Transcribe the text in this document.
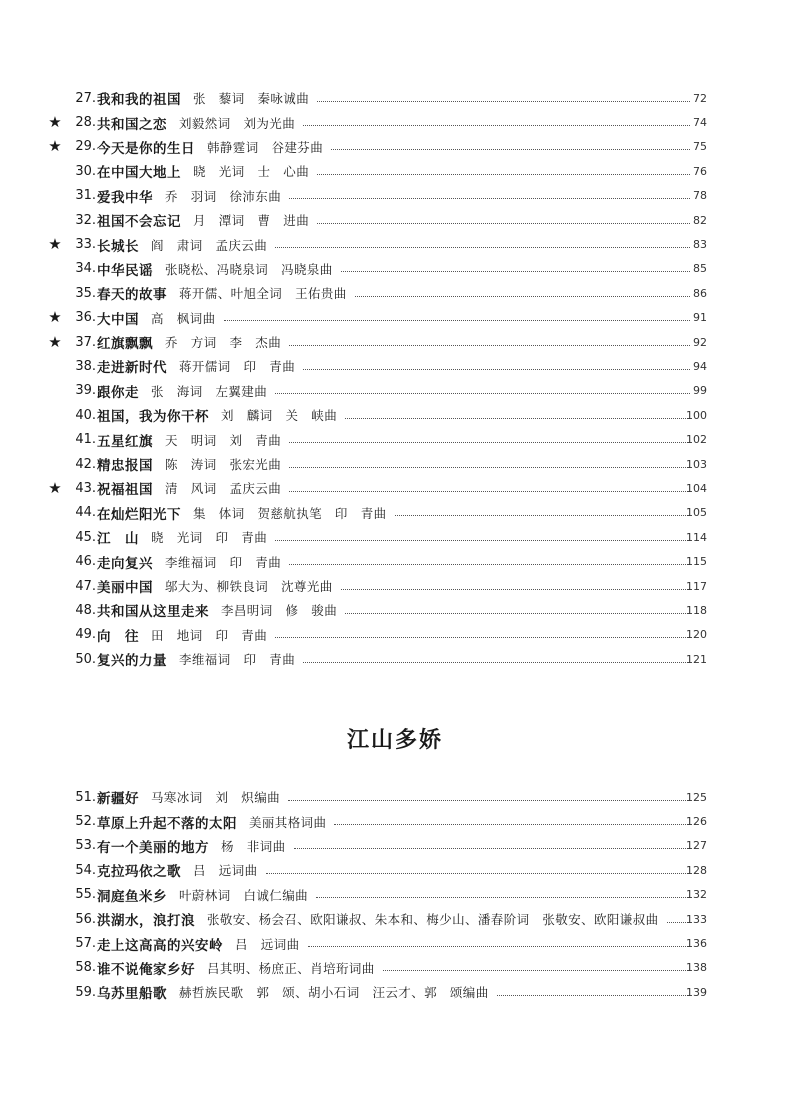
27. 我和我的祖国 张　藜词　秦咏诚曲	72
★	28. 共和国之恋 刘毅然词　刘为光曲	74
★	29. 今天是你的生日 韩静霆词　谷建芬曲	75
30. 在中国大地上 晓　光词　士　心曲	76
31. 爱我中华 乔　羽词　徐沛东曲	78
32. 祖国不会忘记 月　潭词　曹　进曲	82
★	33. 长城长 阎　肃词　孟庆云曲	83
34. 中华民谣 张晓松、冯晓泉词　冯晓泉曲	85
35. 春天的故事 蒋开儒、叶旭全词　王佑贵曲	86
★	36. 大中国 高　枫词曲	91
★	37. 红旗飘飘 乔　方词　李　杰曲	92
38. 走进新时代 蒋开儒词　印　青曲	94
39. 跟你走 张　海词　左翼建曲	99
40. 祖国，我为你干杯 刘　麟词　关　峡曲	100
41. 五星红旗 天　明词　刘　青曲	102
42. 精忠报国 陈　涛词　张宏光曲	103
★	43. 祝福祖国 清　风词　孟庆云曲	104
44. 在灿烂阳光下 集　体词　贺慈航执笔　印　青曲	105
45. 江　山 晓　光词　印　青曲	114
46. 走向复兴 李维福词　印　青曲	115
47. 美丽中国 邬大为、柳铁良词　沈尊光曲	117
48. 共和国从这里走来 李昌明词　修　骏曲	118
49. 向　往 田　地词　印　青曲	120
50. 复兴的力量 李维福词　印　青曲	121
江山多娇
51. 新疆好 马寒冰词　刘　炽编曲	125
52. 草原上升起不落的太阳 美丽其格词曲	126
53. 有一个美丽的地方 杨　非词曲	127
54. 克拉玛依之歌 吕　远词曲	128
55. 洞庭鱼米乡 叶蔚林词　白诚仁编曲	132
56. 洪湖水，浪打浪 张敬安、杨会召、欧阳谦叔、朱本和、梅少山、潘春阶词　张敬安、欧阳谦叔曲	133
57. 走上这高高的兴安岭 吕　远词曲	136
58. 谁不说俺家乡好 吕其明、杨庶正、肖培珩词曲	138
59. 乌苏里船歌 赫哲族民歌　郭　颂、胡小石词　汪云才、郭　颂编曲	139
